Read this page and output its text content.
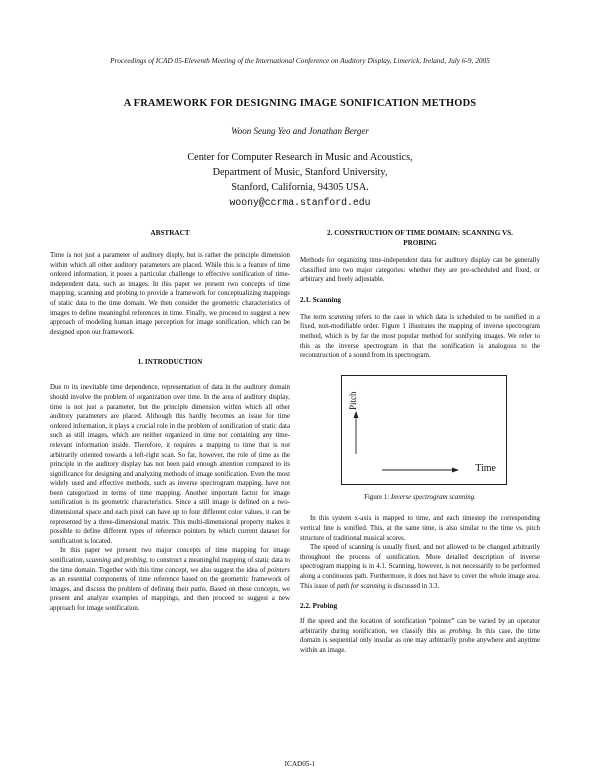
Proceedings of ICAD 05-Eleventh Meeting of the International Conference on Auditory Display, Limerick, Ireland, July 6-9, 2005
A FRAMEWORK FOR DESIGNING IMAGE SONIFICATION METHODS
Woon Seung Yeo and Jonathan Berger
Center for Computer Research in Music and Acoustics,
Department of Music, Stanford University,
Stanford, California, 94305 USA.
woony@ccrma.stanford.edu
ABSTRACT

Time is not just a parameter of auditory disply, but is rather the principle dimension within which all other auditory parameters are placed. While this is a feature of time ordered information, it poses a particular challenge to effective sonification of time-independent data, such as images. In this paper we present two concepts of time mapping, scanning and probing to provide a framework for conceptualizing mappings of static data to the time domain. We then consider the geometric characteristics of images to define meaningful references in time. Finally, we proceed to suggest a new approach of modeling human image perception for image sonification, which can be designed upon our framework.

1. INTRODUCTION

Due to its inevitable time dependence, representation of data in the auditory domain should involve the problem of organization over time. In the area of auditory display, time is not just a parameter, but the principle dimension within which all other auditory parameters are placed. Although this hardly becomes an issue for time ordered information, it plays a crucial role in the problem of sonification of static data such as still images, which are neither organized in time nor containing any time-relevant information inside. Therefore, it requires a mapping to time that is not arbitrarily oriented towards a left-right scan. So far, however, the role of time as the principle in the auditory display has not been paid enough attention compared to its significance for designing and analyzing methods of image sonification. Even the most widely used and effective methods, such as inverse spectrogram mapping, have not been categorized in terms of time mapping. Another important factor for image sonification is its geometric characteristics. Since a still image is defined on a two-dimensional space and each pixel can have up to four different color values, it can be represented by a three-dimensional matrix. This multi-dimensional property makes it possible to define different types of reference pointers by which current dataset for sonification is located.

In this paper we present two major concepts of time mapping for image sonification, scanning and probing, to construct a meaningful mapping of static data to the time domain. Together with this time concept, we also suggest the idea of pointers as an essential components of time reference based on the geometric framework of images, and discuss the problem of defining their paths. Based on these concepts, we present and analyze examples of mappings, and then proceed to suggest a new approach for image sonification.

2. CONSTRUCTION OF TIME DOMAIN: SCANNING VS.
PROBING

Methods for organizing time-independent data for auditory display can be generally classified into two major categories: whether they are pre-scheduled and fixed, or arbitrary and freely adjustable.

2.1. Scanning

The term scanning refers to the case in which data is scheduled to be sonified in a fixed, non-modifiable order. Figure 1 illustrates the mapping of inverse spectrogram method, which is by far the most popular method for sonifying images. We refer to this as the inverse spectrogram in that the sonification is analogous to the reconstruction of a sound from its spectrogram.

Pitch
Time

Figure 1: Inverse spectrogram scanning.

In this system x-axis is mapped to time, and each timestep the corresponding vertical line is sonified. This, at the same time, is also similar to the time vs. pitch structure of traditional musical scores.

The speed of scanning is usually fixed, and not allowed to be changed arbitrarily throughout the process of sonification. More detailed description of inverse spectrogram mapping is in 4.1. Scanning, however, is not necessarily to be performed along a continuous path. Furthermore, it does not have to cover the whole image area. This issue of path for scanning is discussed in 3.3.

2.2. Probing

If the speed and the location of sonification “pointer” can be varied by an operator arbitrarily during sonification, we classify this as probing. In this case, the time domain is sequential only insofar as one may arbitrarily probe anywhere and anytime within an image.

ICAD05-1
